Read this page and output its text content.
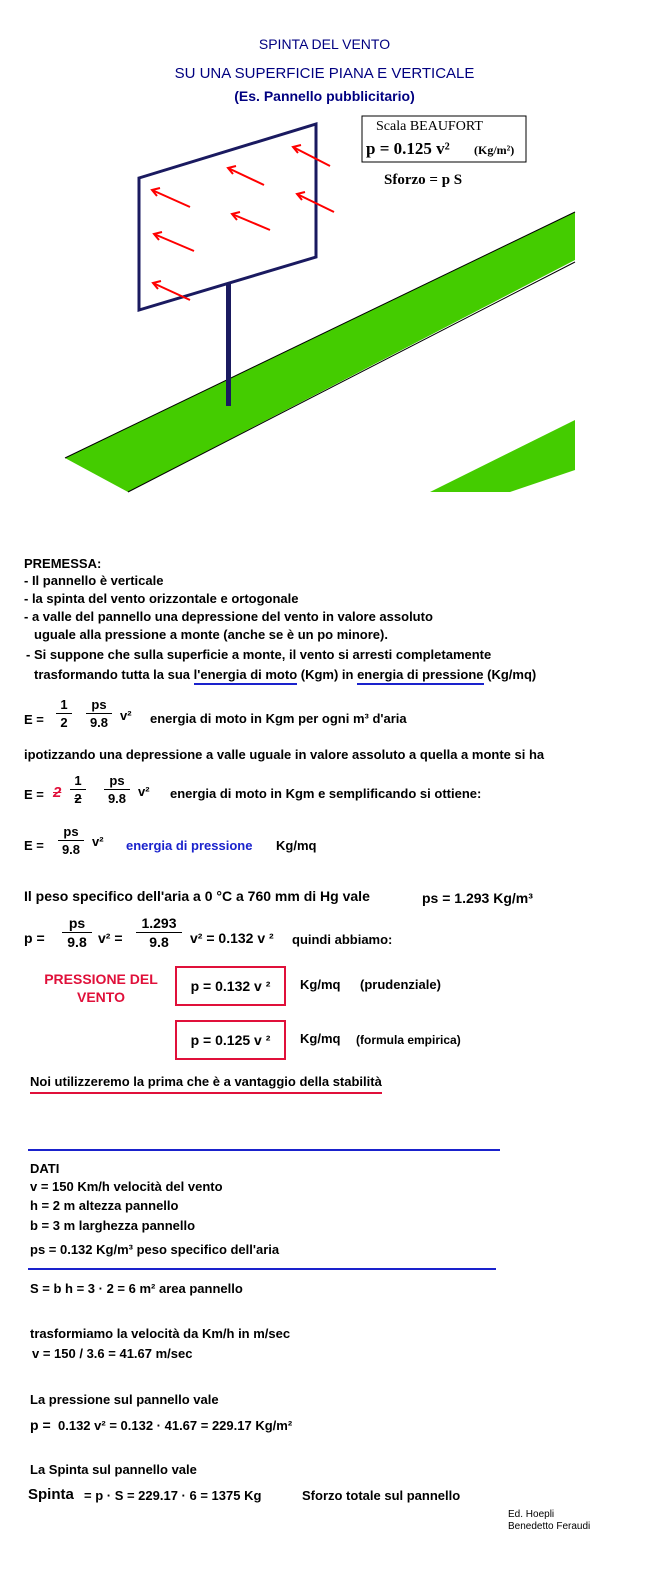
SPINTA DEL VENTO
SU UNA SUPERFICIE PIANA E VERTICALE
(Es. Pannello pubblicitario)
Scala BEAUFORT
p = 0.125 v² (Kg/m²)
Sforzo = p S
PREMESSA:
- Il pannello è verticale
- la spinta del vento orizzontale e ortogonale
- a valle del pannello una depressione del vento in valore assoluto
uguale alla pressione a monte (anche se è un po minore).
- Si suppone che sulla superficie a monte, il vento si arresti completamente
trasformando tutta la sua l'energia di moto (Kgm) in energia di pressione (Kg/mq)
$E = \frac{1}{2} \frac{ps}{9.8} v^2$ energia di moto in Kgm per ogni m³ d'aria
ipotizzando una depressione a valle uguale in valore assoluto a quella a monte si ha
$E = 2 \frac{1}{2} \frac{ps}{9.8} v^2$ energia di moto in Kgm e semplificando si ottiene:
$E = \frac{ps}{9.8} v^2$ energia di pressione Kg/mq
Il peso specifico dell'aria a 0 °C a 760 mm di Hg vale	ps = 1.293 Kg/m³
$p = \frac{ps}{9.8} v^2 = \frac{1.293}{9.8} v^2 = 0.132$ v ² quindi abbiamo:
PRESSIONE DEL
VENTO
p = 0.132 v ²	Kg/mq (prudenziale)
p = 0.125 v ²	Kg/mq (formula empirica)
Noi utilizzeremo la prima che è a vantaggio della stabilità
DATI
v = 150 Km/h velocità del vento
h = 2 m altezza pannello
b = 3 m larghezza pannello
ps = 0.132 Kg/m³ peso specifico dell'aria
S = b h = 3 · 2 = 6 m² area pannello
trasformiamo la velocità da Km/h in m/sec
v = 150 / 3.6 = 41.67 m/sec
La pressione sul pannello vale
p = 0.132 v² = 0.132 · 41.67 = 229.17 Kg/m²
La Spinta sul pannello vale
Spinta = p · S = 229.17 · 6 = 1375 Kg	Sforzo totale sul pannello
Ed. Hoepli
Benedetto Feraudi
